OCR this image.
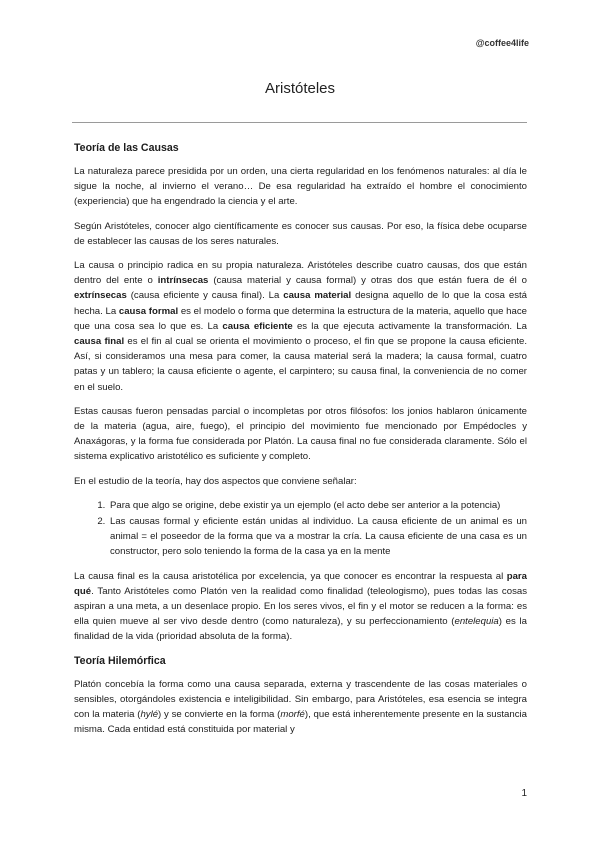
@coffee4life
Aristóteles
Teoría de las Causas

La naturaleza parece presidida por un orden, una cierta regularidad en los fenómenos naturales: al día le sigue la noche, al invierno el verano… De esa regularidad ha extraído el hombre el conocimiento (experiencia) que ha engendrado la ciencia y el arte.

Según Aristóteles, conocer algo científicamente es conocer sus causas. Por eso, la física debe ocuparse de establecer las causas de los seres naturales.

La causa o principio radica en su propia naturaleza. Aristóteles describe cuatro causas, dos que están dentro del ente o intrínsecas (causa material y causa formal) y otras dos que están fuera de él o extrínsecas (causa eficiente y causa final). La causa material designa aquello de lo que la cosa está hecha. La causa formal es el modelo o forma que determina la estructura de la materia, aquello que hace que una cosa sea lo que es. La causa eficiente es la que ejecuta activamente la transformación. La causa final es el fin al cual se orienta el movimiento o proceso, el fin que se propone la causa eficiente. Así, si consideramos una mesa para comer, la causa material será la madera; la causa formal, cuatro patas y un tablero; la causa eficiente o agente, el carpintero; su causa final, la conveniencia de no comer en el suelo.

Estas causas fueron pensadas parcial o incompletas por otros filósofos: los jonios hablaron únicamente de la materia (agua, aire, fuego), el principio del movimiento fue mencionado por Empédocles y Anaxágoras, y la forma fue considerada por Platón. La causa final no fue considerada claramente. Sólo el sistema explicativo aristotélico es suficiente y completo.

En el estudio de la teoría, hay dos aspectos que conviene señalar:

1. Para que algo se origine, debe existir ya un ejemplo (el acto debe ser anterior a la potencia)
2. Las causas formal y eficiente están unidas al individuo. La causa eficiente de un animal es un animal = el poseedor de la forma que va a mostrar la cría. La causa eficiente de una casa es un constructor, pero solo teniendo la forma de la casa ya en la mente

La causa final es la causa aristotélica por excelencia, ya que conocer es encontrar la respuesta al para qué. Tanto Aristóteles como Platón ven la realidad como finalidad (teleologismo), pues todas las cosas aspiran a una meta, a un desenlace propio. En los seres vivos, el fin y el motor se reducen a la forma: es ella quien mueve al ser vivo desde dentro (como naturaleza), y su perfeccionamiento (entelequia) es la finalidad de la vida (prioridad absoluta de la forma).

Teoría Hilemórfica

Platón concebía la forma como una causa separada, externa y trascendente de las cosas materiales o sensibles, otorgándoles existencia e inteligibilidad. Sin embargo, para Aristóteles, esa esencia se integra con la materia (hylé) y se convierte en la forma (morfé), que está inherentemente presente en la sustancia misma. Cada entidad está constituida por material y

1
